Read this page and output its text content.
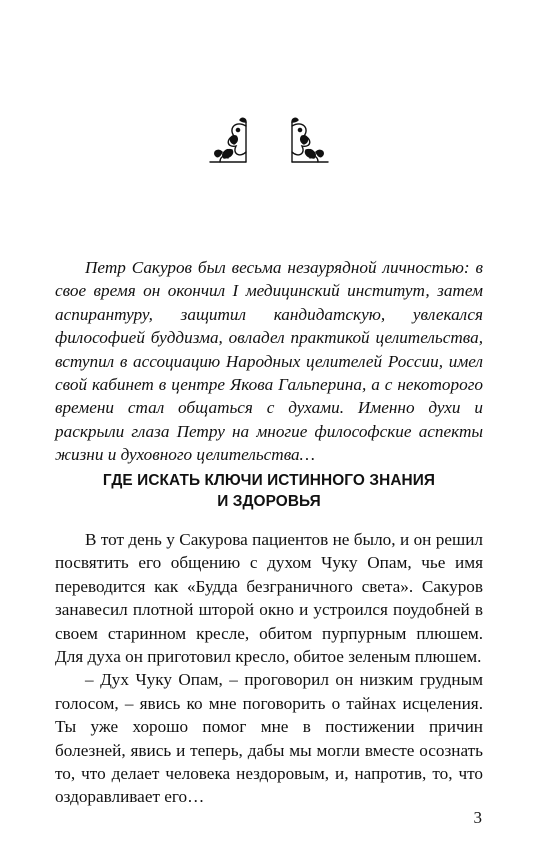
Петр Сакуров был весьма незаурядной личностью: в свое время он окончил I медицинский институт, затем аспирантуру, защитил кандидатскую, увлекался философией буддизма, овладел практикой целительства, вступил в ассоциацию Народных целителей России, имел свой кабинет в центре Якова Гальперина, а с некоторого времени стал общаться с духами. Именно духи и раскрыли глаза Петру на многие философские аспекты жизни и духовного целительства…

ГДЕ ИСКАТЬ КЛЮЧИ ИСТИННОГО ЗНАНИЯ
И ЗДОРОВЬЯ

В тот день у Сакурова пациентов не было, и он решил посвятить его общению с духом Чуку Опам, чье имя переводится как «Будда безграничного света». Сакуров занавесил плотной шторой окно и устроился поудобней в своем старинном кресле, обитом пурпурным плюшем. Для духа он приготовил кресло, обитое зеленым плюшем.

– Дух Чуку Опам, – проговорил он низким грудным голосом, – явись ко мне поговорить о тайнах исцеления. Ты уже хорошо помог мне в постижении причин болезней, явись и теперь, дабы мы могли вместе осознать то, что делает человека нездоровым, и, напротив, то, что оздоравливает его…

3
